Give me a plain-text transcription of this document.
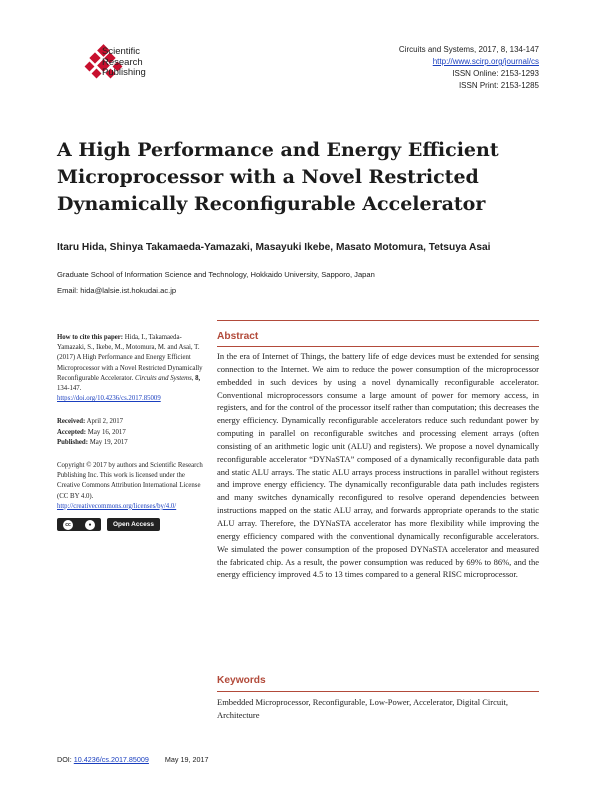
Scientific
Research
Publishing
Circuits and Systems, 2017, 8, 134-147
http://www.scirp.org/journal/cs
ISSN Online: 2153-1293
ISSN Print: 2153-1285
A High Performance and Energy Efficient Microprocessor with a Novel Restricted Dynamically Reconfigurable Accelerator
Itaru Hida, Shinya Takamaeda-Yamazaki, Masayuki Ikebe, Masato Motomura, Tetsuya Asai
Graduate School of Information Science and Technology, Hokkaido University, Sapporo, Japan
Email: hida@lalsie.ist.hokudai.ac.jp

How to cite this paper: Hida, I., Takamaeda-Yamazaki, S., Ikebe, M., Motomura, M. and Asai, T. (2017) A High Performance and Energy Efficient Microprocessor with a Novel Restricted Dynamically Reconfigurable Accelerator. Circuits and Systems, 8, 134-147.

https://doi.org/10.4236/cs.2017.85009

Received: April 2, 2017

Accepted: May 16, 2017

Published: May 19, 2017

Copyright © 2017 by authors and Scientific Research Publishing Inc. This work is licensed under the Creative Commons Attribution International License (CC BY 4.0).

http://creativecommons.org/licenses/by/4.0/

cc	●	Open Access
Abstract
In the era of Internet of Things, the battery life of edge devices must be extended for sensing connection to the Internet. We aim to reduce the power consumption of the microprocessor embedded in such devices by using a novel dynamically reconfigurable accelerator. Conventional microprocessors consume a large amount of power for memory access, in registers, and for the control of the processor itself rather than computation; this decreases the energy efficiency. Dynamically reconfigurable accelerators reduce such redundant power by computing in parallel on reconfigurable switches and processing element arrays (often consisting of an arithmetic logic unit (ALU) and registers). We propose a novel dynamically reconfigurable accelerator “DYNaSTA” composed of a dynamically reconfigurable data path and static ALU arrays. The static ALU arrays process instructions in parallel without registers and improve energy efficiency. The dynamically reconfigurable data path includes registers and many switches dynamically reconfigured to resolve operand dependencies between instructions mapped on the static ALU array, and forwards appropriate operands to the static ALU array. Therefore, the DYNaSTA accelerator has more flexibility while improving the energy efficiency compared with the conventional dynamically reconfigurable accelerators. We simulated the power consumption of the proposed DYNaSTA accelerator and measured the fabricated chip. As a result, the power consumption was reduced by 69% to 86%, and the energy efficiency improved 4.5 to 13 times compared to a general RISC microprocessor.
Keywords
Embedded Microprocessor, Reconfigurable, Low-Power, Accelerator, Digital Circuit, Architecture
DOI: 10.4236/cs.2017.85009 May 19, 2017
